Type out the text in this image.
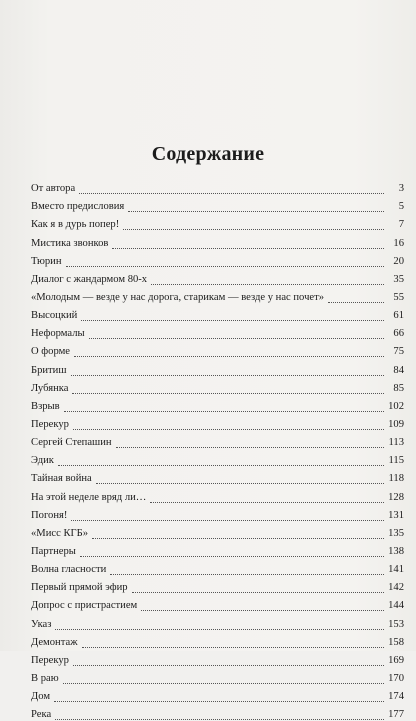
Содержание
От автора	3
Вместо предисловия	5
Как я в дурь попер!	7
Мистика звонков	16
Тюрин	20
Диалог с жандармом 80-х	35
«Молодым — везде у нас дорога, старикам — везде у нас почет»	55
Высоцкий	61
Неформалы	66
О форме	75
Бритиш	84
Лубянка	85
Взрыв	102
Перекур	109
Сергей Степашин	113
Эдик	115
Тайная война	118
На этой неделе вряд ли…	128
Погоня!	131
«Мисс КГБ»	135
Партнеры	138
Волна гласности	141
Первый прямой эфир	142
Допрос с пристрастием	144
Указ	153
Демонтаж	158
Перекур	169
В раю	170
Дом	174
Река	177
